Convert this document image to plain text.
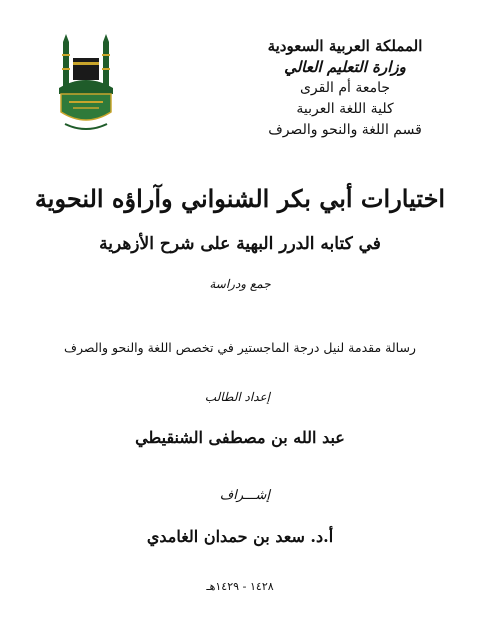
المملكة العربية السعودية
وزارة التعليم العالي
جامعة أم القرى
كلية اللغة العربية
قسم اللغة والنحو والصرف
اختيارات أبي بكر الشنواني وآراؤه النحوية
في كتابه الدرر البهية على شرح الأزهرية
جمع ودراسة
رسالة مقدمة لنيل درجة الماجستير في تخصص اللغة والنحو والصرف
إعداد الطالب
عبد الله بن مصطفى الشنقيطي
إشـــراف
أ.د. سعد بن حمدان الغامدي
١٤٢٨ - ١٤٢٩هـ
